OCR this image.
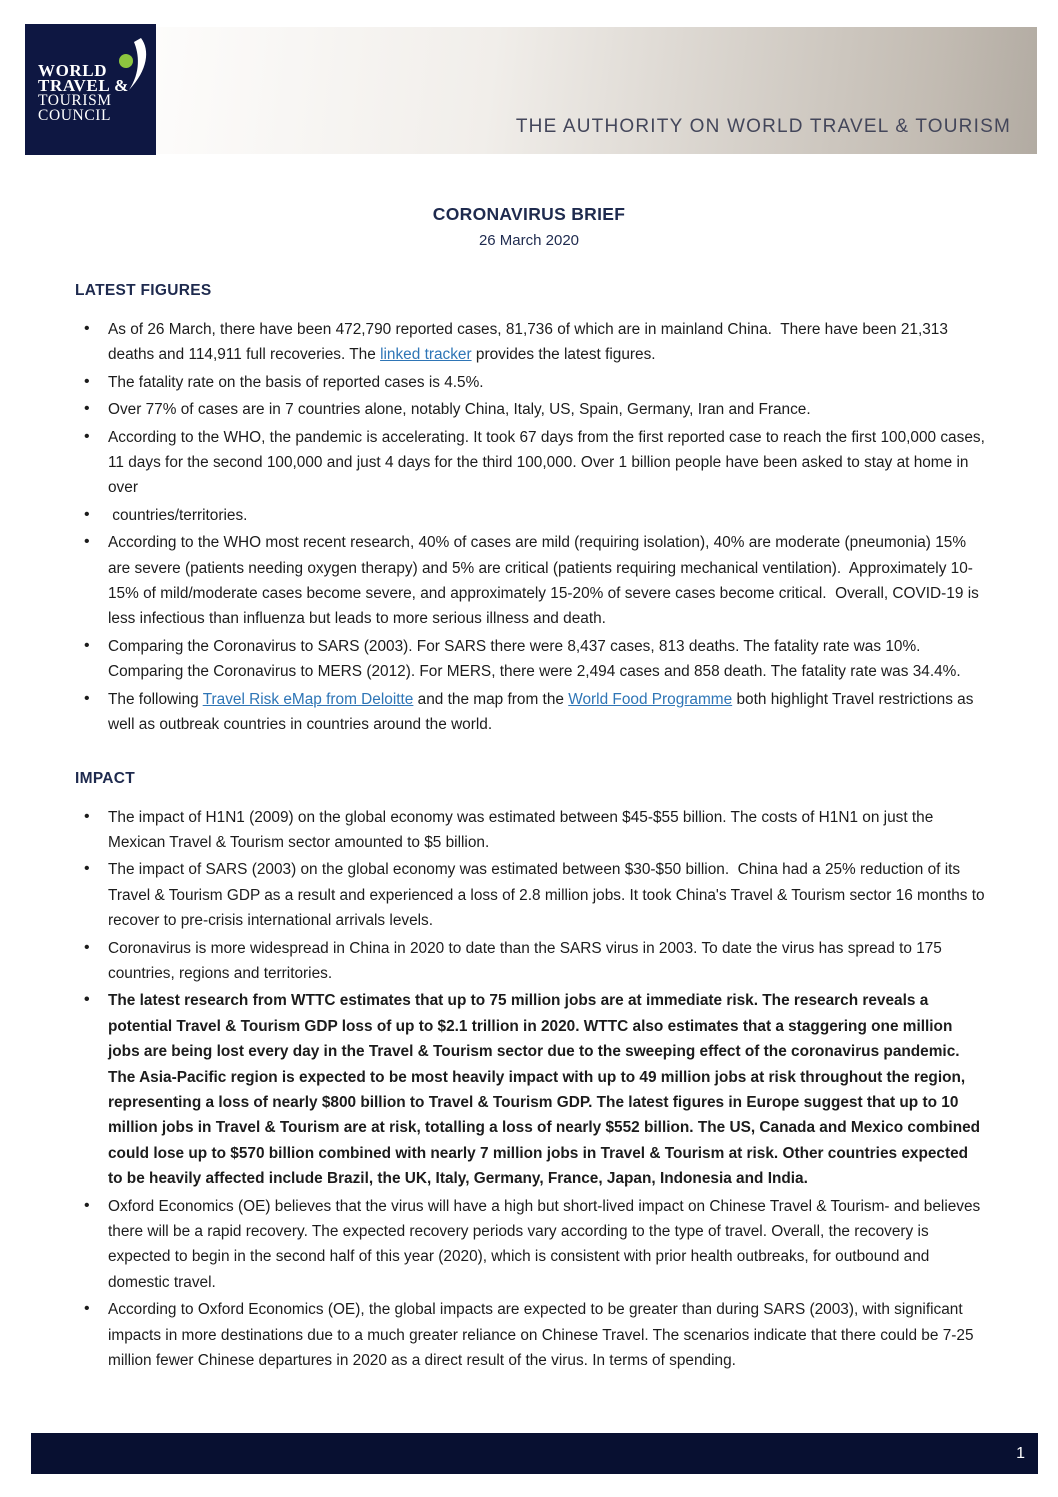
WORLD
TRAVEL &
TOURISM
COUNCIL
THE AUTHORITY ON WORLD TRAVEL & TOURISM
CORONAVIRUS BRIEF
26 March 2020
LATEST FIGURES
• As of 26 March, there have been 472,790 reported cases, 81,736 of which are in mainland China.  There have been 21,313 deaths and 114,911 full recoveries. The linked tracker provides the latest figures.
• The fatality rate on the basis of reported cases is 4.5%.
• Over 77% of cases are in 7 countries alone, notably China, Italy, US, Spain, Germany, Iran and France.
• According to the WHO, the pandemic is accelerating. It took 67 days from the first reported case to reach the first 100,000 cases, 11 days for the second 100,000 and just 4 days for the third 100,000. Over 1 billion people have been asked to stay at home in over
•  countries/territories.
• According to the WHO most recent research, 40% of cases are mild (requiring isolation), 40% are moderate (pneumonia) 15% are severe (patients needing oxygen therapy) and 5% are critical (patients requiring mechanical ventilation).  Approximately 10-15% of mild/moderate cases become severe, and approximately 15-20% of severe cases become critical.  Overall, COVID-19 is less infectious than influenza but leads to more serious illness and death.
• Comparing the Coronavirus to SARS (2003). For SARS there were 8,437 cases, 813 deaths. The fatality rate was 10%. Comparing the Coronavirus to MERS (2012). For MERS, there were 2,494 cases and 858 death. The fatality rate was 34.4%.
• The following Travel Risk eMap from Deloitte and the map from the World Food Programme both highlight Travel restrictions as well as outbreak countries in countries around the world.
IMPACT
• The impact of H1N1 (2009) on the global economy was estimated between $45-$55 billion. The costs of H1N1 on just the Mexican Travel & Tourism sector amounted to $5 billion.
• The impact of SARS (2003) on the global economy was estimated between $30-$50 billion.  China had a 25% reduction of its Travel & Tourism GDP as a result and experienced a loss of 2.8 million jobs. It took China's Travel & Tourism sector 16 months to recover to pre-crisis international arrivals levels.
• Coronavirus is more widespread in China in 2020 to date than the SARS virus in 2003. To date the virus has spread to 175 countries, regions and territories.
• The latest research from WTTC estimates that up to 75 million jobs are at immediate risk. The research reveals a potential Travel & Tourism GDP loss of up to $2.1 trillion in 2020. WTTC also estimates that a staggering one million jobs are being lost every day in the Travel & Tourism sector due to the sweeping effect of the coronavirus pandemic. The Asia-Pacific region is expected to be most heavily impact with up to 49 million jobs at risk throughout the region, representing a loss of nearly $800 billion to Travel & Tourism GDP. The latest figures in Europe suggest that up to 10 million jobs in Travel & Tourism are at risk, totalling a loss of nearly $552 billion. The US, Canada and Mexico combined could lose up to $570 billion combined with nearly 7 million jobs in Travel & Tourism at risk. Other countries expected to be heavily affected include Brazil, the UK, Italy, Germany, France, Japan, Indonesia and India.
• Oxford Economics (OE) believes that the virus will have a high but short-lived impact on Chinese Travel & Tourism- and believes there will be a rapid recovery. The expected recovery periods vary according to the type of travel. Overall, the recovery is expected to begin in the second half of this year (2020), which is consistent with prior health outbreaks, for outbound and domestic travel.
• According to Oxford Economics (OE), the global impacts are expected to be greater than during SARS (2003), with significant impacts in more destinations due to a much greater reliance on Chinese Travel. The scenarios indicate that there could be 7-25 million fewer Chinese departures in 2020 as a direct result of the virus. In terms of spending.
1
